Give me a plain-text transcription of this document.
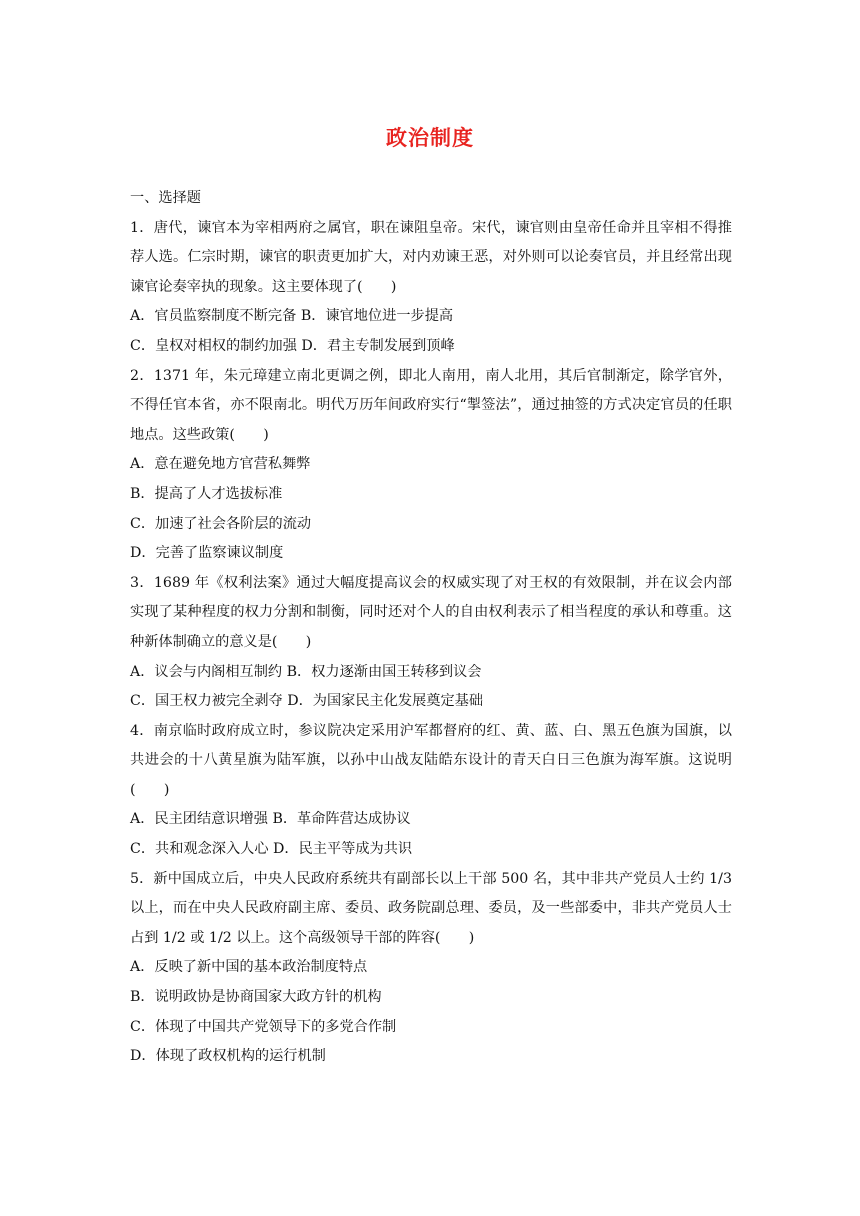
政治制度
一、选择题
1．唐代，谏官本为宰相两府之属官，职在谏阻皇帝。宋代，谏官则由皇帝任命并且宰相不得推荐人选。仁宗时期，谏官的职责更加扩大，对内劝谏王恶，对外则可以论奏官员，并且经常出现谏官论奏宰执的现象。这主要体现了(　　)
A．官员监察制度不断完备 B．谏官地位进一步提高
C．皇权对相权的制约加强 D．君主专制发展到顶峰
2．1371 年，朱元璋建立南北更调之例，即北人南用，南人北用，其后官制渐定，除学官外，不得任官本省，亦不限南北。明代万历年间政府实行“掣签法”，通过抽签的方式决定官员的任职地点。这些政策(　　)
A．意在避免地方官营私舞弊
B．提高了人才选拔标准
C．加速了社会各阶层的流动
D．完善了监察谏议制度
3．1689 年《权利法案》通过大幅度提高议会的权威实现了对王权的有效限制，并在议会内部实现了某种程度的权力分割和制衡，同时还对个人的自由权利表示了相当程度的承认和尊重。这种新体制确立的意义是(　　)
A．议会与内阁相互制约 B．权力逐渐由国王转移到议会
C．国王权力被完全剥夺 D．为国家民主化发展奠定基础
4．南京临时政府成立时，参议院决定采用沪军都督府的红、黄、蓝、白、黑五色旗为国旗，以共进会的十八黄星旗为陆军旗，以孙中山战友陆皓东设计的青天白日三色旗为海军旗。这说明(　　)
A．民主团结意识增强 B．革命阵营达成协议
C．共和观念深入人心 D．民主平等成为共识
5．新中国成立后，中央人民政府系统共有副部长以上干部 500 名，其中非共产党员人士约 1/3 以上，而在中央人民政府副主席、委员、政务院副总理、委员，及一些部委中，非共产党员人士占到 1/2 或 1/2 以上。这个高级领导干部的阵容(　　)
A．反映了新中国的基本政治制度特点
B．说明政协是协商国家大政方针的机构
C．体现了中国共产党领导下的多党合作制
D．体现了政权机构的运行机制
